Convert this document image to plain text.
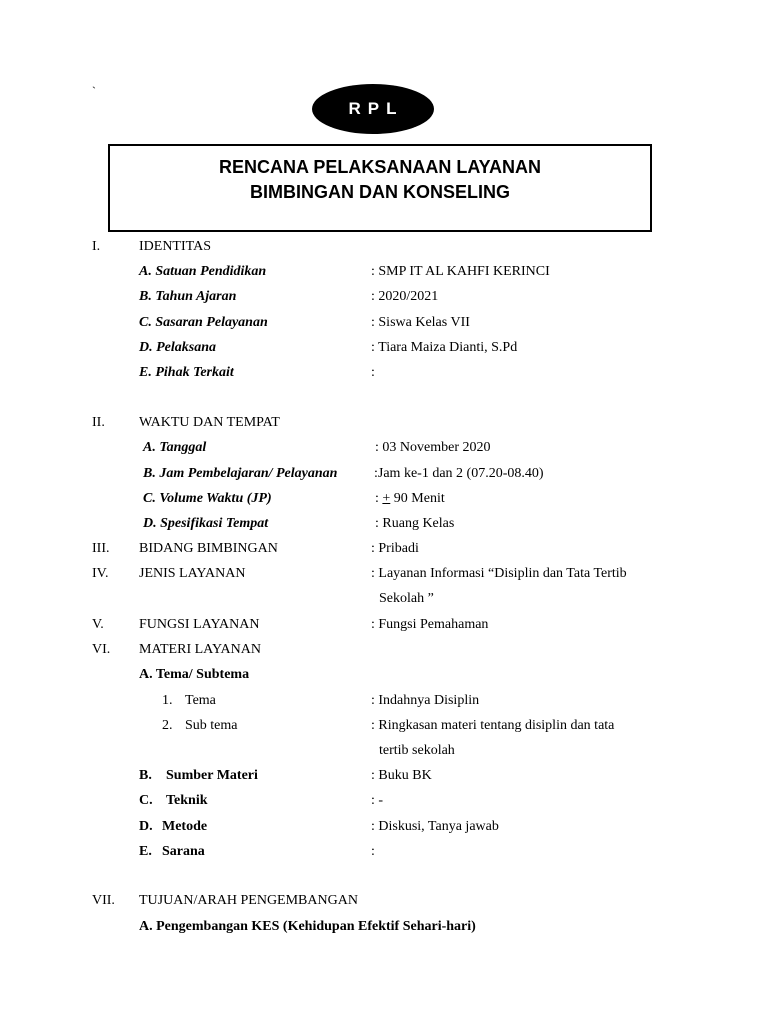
`
RPL
RENCANA PELAKSANAAN LAYANAN
BIMBINGAN DAN KONSELING
I.	IDENTITAS
A. Satuan Pendidikan	: SMP IT AL KAHFI KERINCI
B. Tahun Ajaran	: 2020/2021
C. Sasaran Pelayanan	: Siswa Kelas VII
D. Pelaksana	: Tiara Maiza Dianti, S.Pd
E. Pihak Terkait	:
II. WAKTU DAN TEMPAT
A. Tanggal	: 03 November 2020
B. Jam Pembelajaran/ Pelayanan	:Jam ke-1 dan 2 (07.20-08.40)
C. Volume Waktu (JP)	: + 90 Menit
D. Spesifikasi Tempat	: Ruang Kelas
III. BIDANG BIMBINGAN	: Pribadi
IV. JENIS LAYANAN	: Layanan Informasi “Disiplin dan Tata Tertib
Sekolah ”
V.	FUNGSI LAYANAN	: Fungsi Pemahaman
VI. MATERI LAYANAN
A. Tema/ Subtema
1. Tema	: Indahnya Disiplin
2. Sub tema	: Ringkasan materi tentang disiplin dan tata
tertib sekolah
B. Sumber Materi	: Buku BK
C. Teknik	: -
D. Metode	: Diskusi, Tanya jawab
E. Sarana	:
VII. TUJUAN/ARAH PENGEMBANGAN
A. Pengembangan KES (Kehidupan Efektif Sehari-hari)
